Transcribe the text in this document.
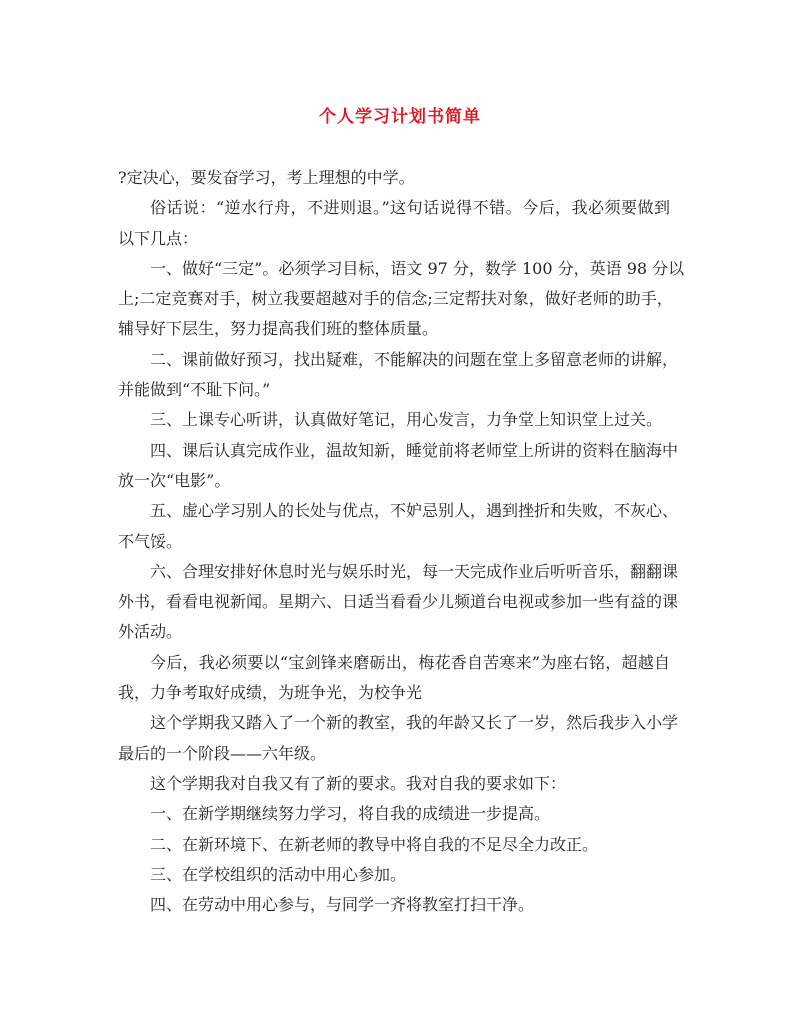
个人学习计划书简单
?定决心，要发奋学习，考上理想的中学。
俗话说：“逆水行舟，不进则退。”这句话说得不错。今后，我必须要做到
以下几点：
一、做好“三定”。必须学习目标，语文 97 分，数学 100 分，英语 98 分以
上;二定竞赛对手，树立我要超越对手的信念;三定帮扶对象，做好老师的助手，
辅导好下层生，努力提高我们班的整体质量。
二、课前做好预习，找出疑难，不能解决的问题在堂上多留意老师的讲解，
并能做到“不耻下问。”
三、上课专心听讲，认真做好笔记，用心发言，力争堂上知识堂上过关。
四、课后认真完成作业，温故知新，睡觉前将老师堂上所讲的资料在脑海中
放一次“电影”。
五、虚心学习别人的长处与优点，不妒忌别人，遇到挫折和失败，不灰心、
不气馁。
六、合理安排好休息时光与娱乐时光，每一天完成作业后听听音乐，翻翻课
外书，看看电视新闻。星期六、日适当看看少儿频道台电视或参加一些有益的课
外活动。
今后，我必须要以“宝剑锋来磨砺出，梅花香自苦寒来”为座右铭，超越自
我，力争考取好成绩，为班争光，为校争光
这个学期我又踏入了一个新的教室，我的年龄又长了一岁，然后我步入小学
最后的一个阶段——六年级。
这个学期我对自我又有了新的要求。我对自我的要求如下：
一、在新学期继续努力学习，将自我的成绩进一步提高。
二、在新环境下、在新老师的教导中将自我的不足尽全力改正。
三、在学校组织的活动中用心参加。
四、在劳动中用心参与，与同学一齐将教室打扫干净。
